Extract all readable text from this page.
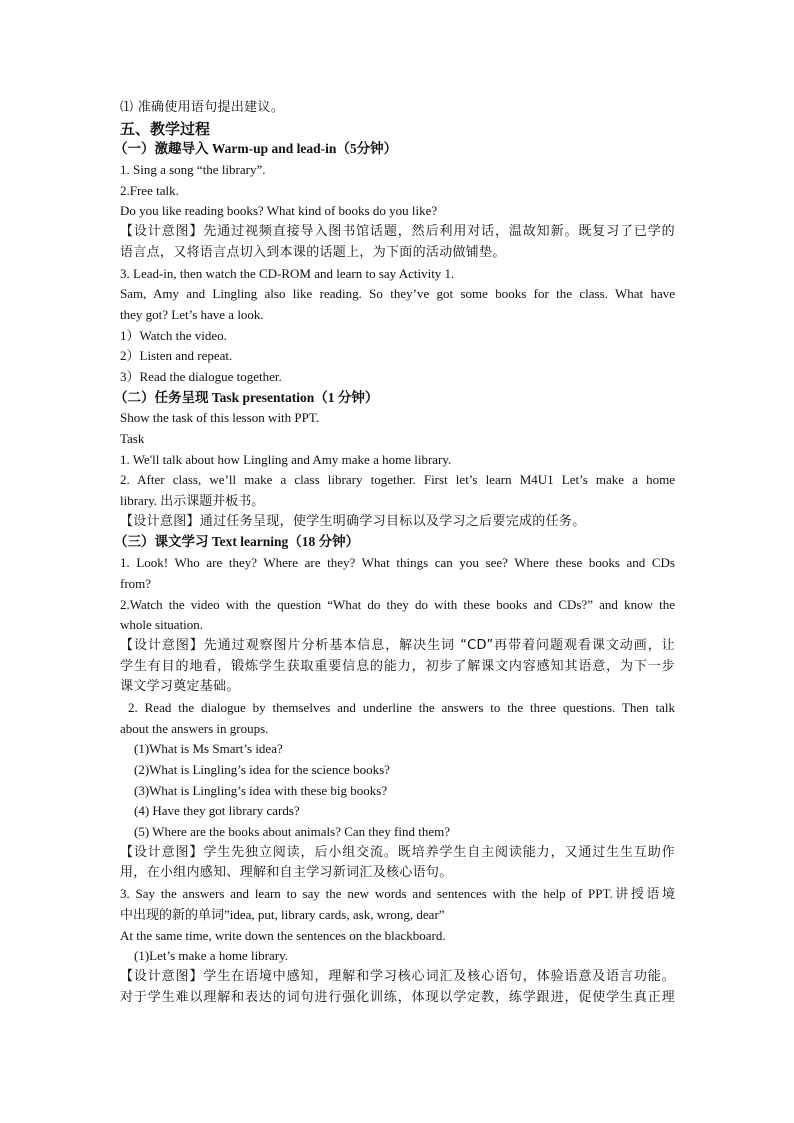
⑴ 准确使用语句提出建议。
五、教学过程
（一）激趣导入 Warm-up and lead-in（5分钟）
1. Sing a song “the library”.
2.Free talk.
Do you like reading books? What kind of books do you like?
【设计意图】先通过视频直接导入图书馆话题，然后利用对话，温故知新。既复习了已学的
语言点，又将语言点切入到本课的话题上，为下面的活动做铺垫。
3. Lead-in, then watch the CD-ROM and learn to say Activity 1.
Sam, Amy and Lingling also like reading. So they’ve got some books for the class. What have
they got? Let’s have a look.
1）Watch the video.
2）Listen and repeat.
3）Read the dialogue together.
（二）任务呈现 Task presentation（1 分钟）
Show the task of this lesson with PPT.
Task
1. We'll talk about how Lingling and Amy make a home library.
2. After class, we’ll make a class library together. First let’s learn M4U1 Let’s make a home
library. 出示课题并板书。
【设计意图】通过任务呈现，使学生明确学习目标以及学习之后要完成的任务。
（三）课文学习 Text learning（18 分钟）
1. Look! Who are they? Where are they? What things can you see? Where these books and CDs
from?
2.Watch the video with the question “What do they do with these books and CDs?” and know the
whole situation.
【设计意图】先通过观察图片分析基本信息，解决生词 “CD”再带着问题观看课文动画，让
学生有目的地看，锻炼学生获取重要信息的能力，初步了解课文内容感知其语意，为下一步
课文学习奠定基础。
2. Read the dialogue by themselves and underline the answers to the three questions. Then talk
about the answers in groups.
(1)What is Ms Smart’s idea?
(2)What is Lingling’s idea for the science books?
(3)What is Lingling’s idea with these big books?
(4) Have they got library cards?
(5) Where are the books about animals? Can they find them?
【设计意图】学生先独立阅读，后小组交流。既培养学生自主阅读能力，又通过生生互助作
用，在小组内感知、理解和自主学习新词汇及核心语句。
3. Say the answers and learn to say the new words and sentences with the help of PPT.讲授语境
中出现的新的单词”idea, put, library cards, ask, wrong, dear”
At the same time, write down the sentences on the blackboard.
(1)Let’s make a home library.
【设计意图】学生在语境中感知，理解和学习核心词汇及核心语句，体验语意及语言功能。
对于学生难以理解和表达的词句进行强化训练，体现以学定教，练学跟进，促使学生真正理
